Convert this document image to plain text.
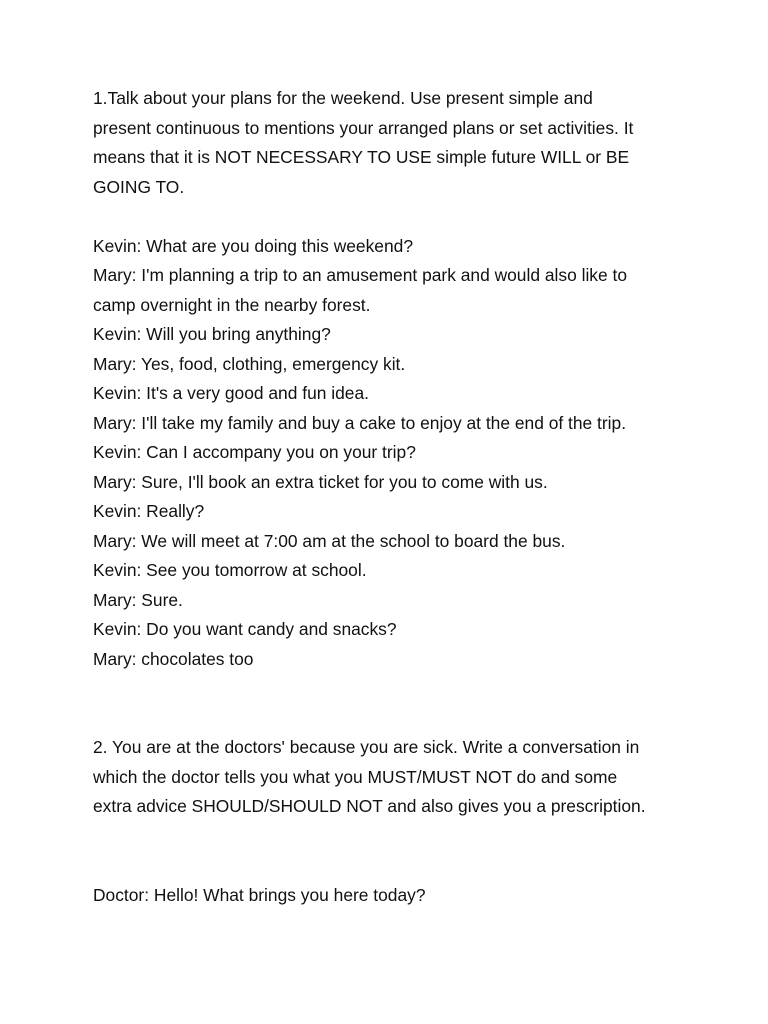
1.Talk about your plans for the weekend. Use present simple and
present continuous to mentions your arranged plans or set activities. It
means that it is NOT NECESSARY TO USE simple future WILL or BE
GOING TO.
Kevin: What are you doing this weekend?
Mary: I'm planning a trip to an amusement park and would also like to
camp overnight in the nearby forest.
Kevin: Will you bring anything?
Mary: Yes, food, clothing, emergency kit.
Kevin: It's a very good and fun idea.
Mary: I'll take my family and buy a cake to enjoy at the end of the trip.
Kevin: Can I accompany you on your trip?
Mary: Sure, I'll book an extra ticket for you to come with us.
Kevin: Really?
Mary: We will meet at 7:00 am at the school to board the bus.
Kevin: See you tomorrow at school.
Mary: Sure.
Kevin: Do you want candy and snacks?
Mary: chocolates too
2. You are at the doctors' because you are sick. Write a conversation in
which the doctor tells you what you MUST/MUST NOT do and some
extra advice SHOULD/SHOULD NOT and also gives you a prescription.
Doctor: Hello! What brings you here today?
